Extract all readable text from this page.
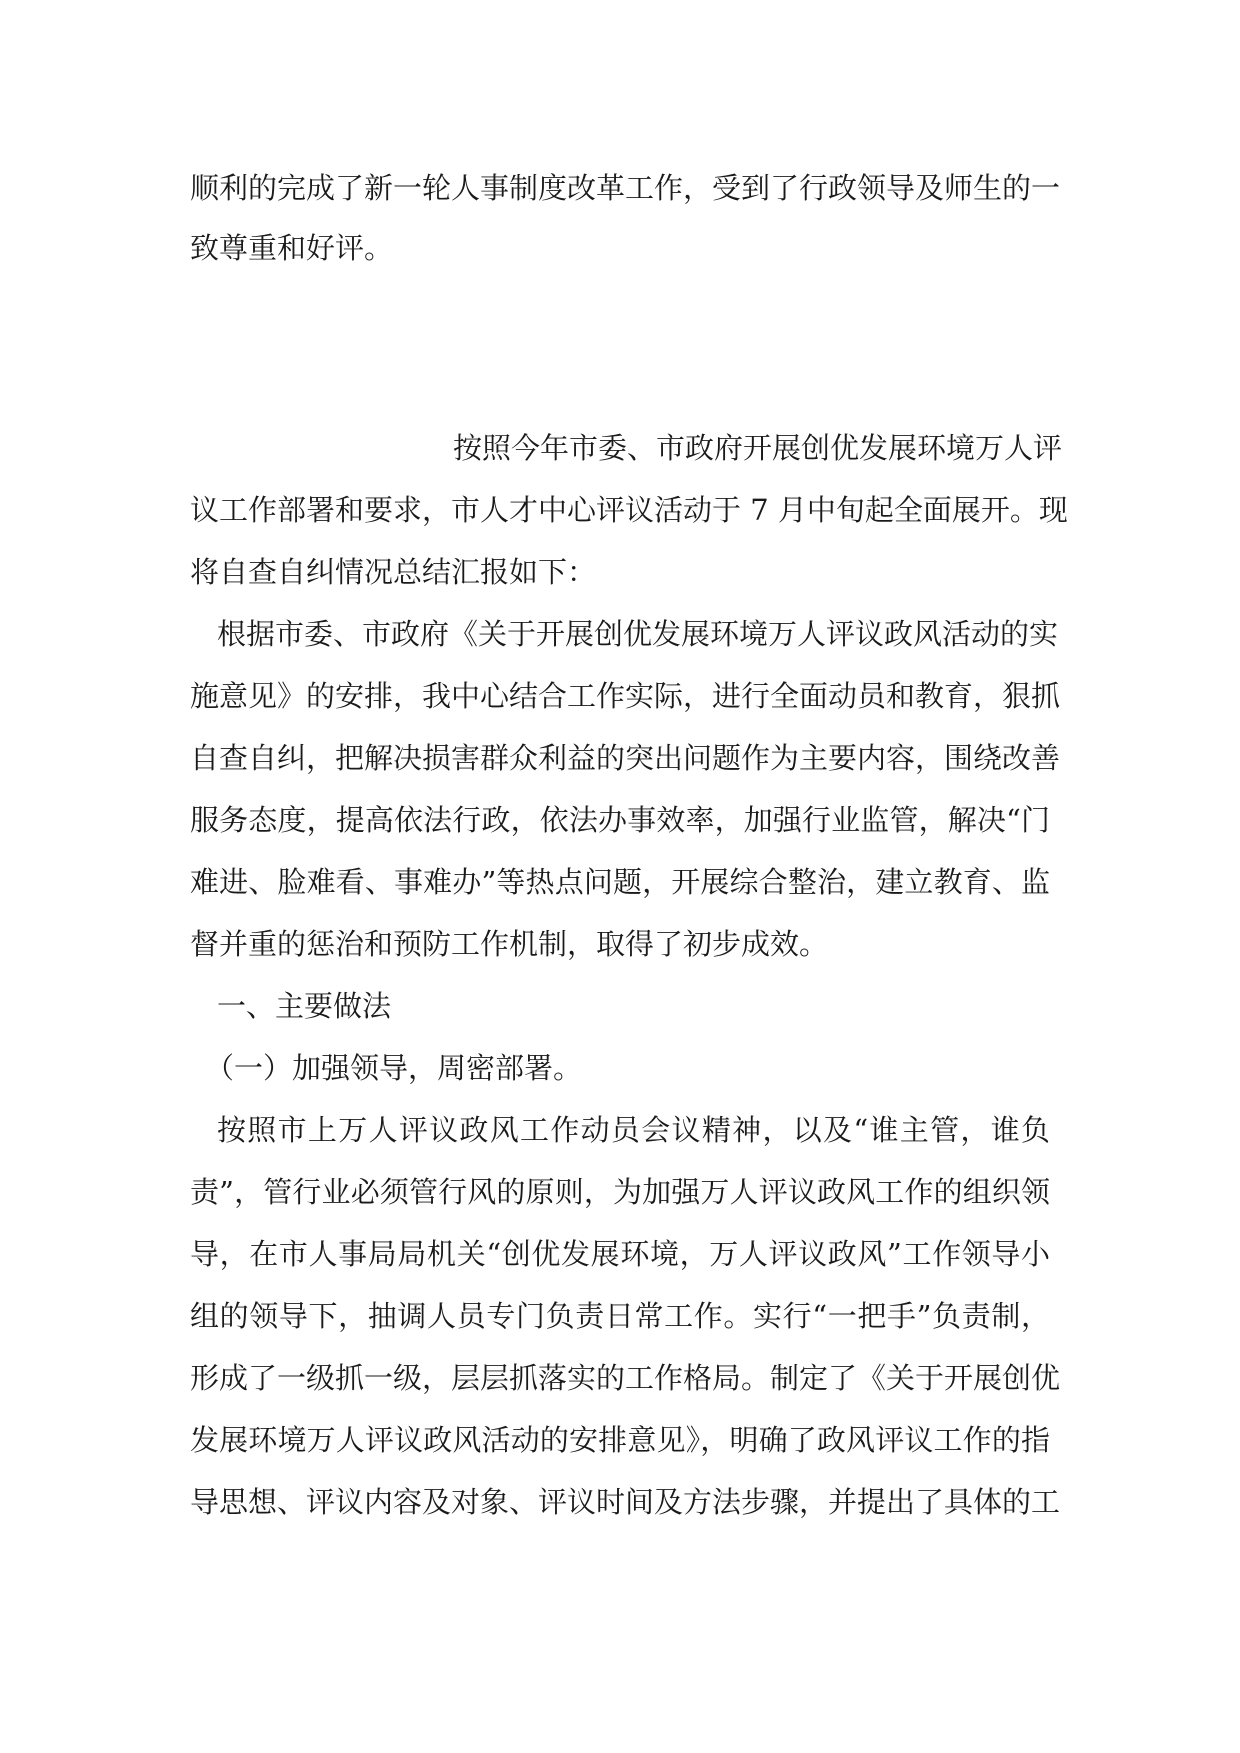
顺利的完成了新一轮人事制度改革工作，受到了行政领导及师生的一

致尊重和好评。

按照今年市委、市政府开展创优发展环境万人评

议工作部署和要求，市人才中心评议活动于 7 月中旬起全面展开。现

将自查自纠情况总结汇报如下：

根据市委、市政府《关于开展创优发展环境万人评议政风活动的实

施意见》的安排，我中心结合工作实际，进行全面动员和教育，狠抓

自查自纠，把解决损害群众利益的突出问题作为主要内容，围绕改善

服务态度，提高依法行政，依法办事效率，加强行业监管，解决“门

难进、脸难看、事难办”等热点问题，开展综合整治，建立教育、监

督并重的惩治和预防工作机制，取得了初步成效。

一、主要做法

（一）加强领导，周密部署。

按照市上万人评议政风工作动员会议精神，以及“谁主管，谁负

责”，管行业必须管行风的原则，为加强万人评议政风工作的组织领

导，在市人事局局机关“创优发展环境，万人评议政风”工作领导小

组的领导下，抽调人员专门负责日常工作。实行“一把手”负责制，

形成了一级抓一级，层层抓落实的工作格局。制定了《关于开展创优

发展环境万人评议政风活动的安排意见》，明确了政风评议工作的指

导思想、评议内容及对象、评议时间及方法步骤，并提出了具体的工
